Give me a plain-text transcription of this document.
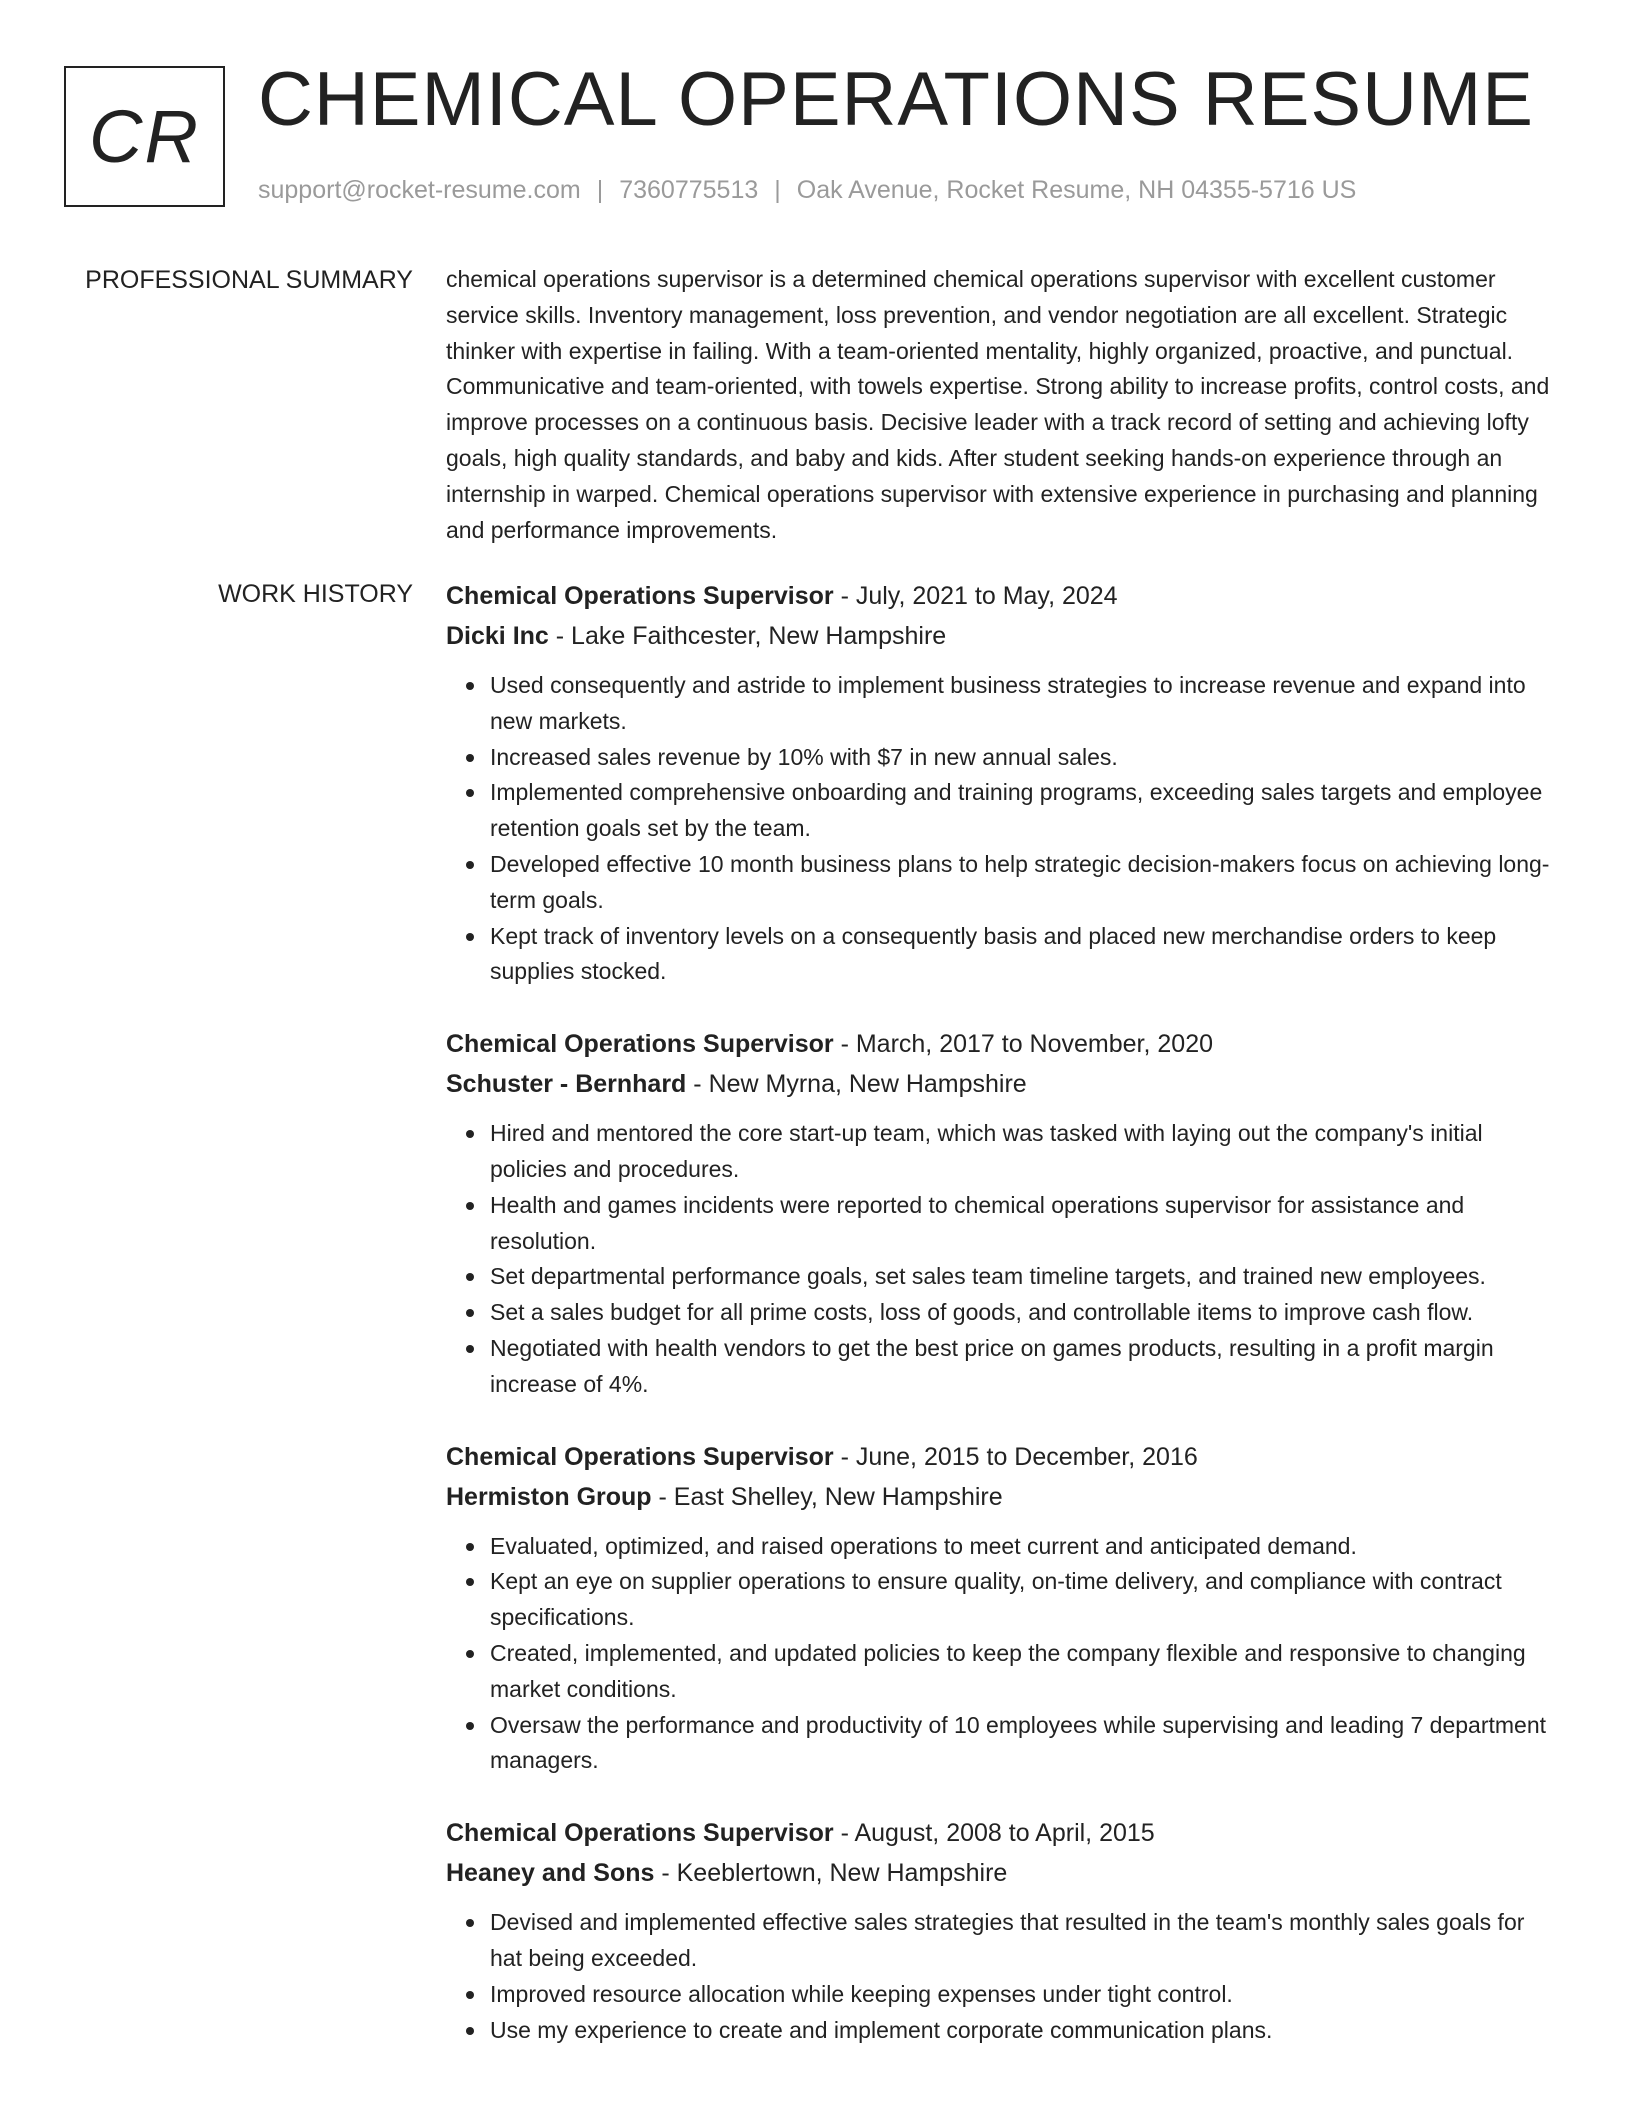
CR CHEMICAL OPERATIONS RESUME
support@rocket-resume.com | 7360775513 | Oak Avenue, Rocket Resume, NH 04355-5716 US
PROFESSIONAL SUMMARY chemical operations supervisor is a determined chemical operations supervisor with excellent customer service skills. Inventory management, loss prevention, and vendor negotiation are all excellent. Strategic thinker with expertise in failing. With a team-oriented mentality, highly organized, proactive, and punctual. Communicative and team-oriented, with towels expertise. Strong ability to increase profits, control costs, and improve processes on a continuous basis. Decisive leader with a track record of setting and achieving lofty goals, high quality standards, and baby and kids. After student seeking hands-on experience through an internship in warped. Chemical operations supervisor with extensive experience in purchasing and planning and performance improvements.

WORK HISTORY Chemical Operations Supervisor - July, 2021 to May, 2024
Dicki Inc - Lake Faithcester, New Hampshire
Used consequently and astride to implement business strategies to increase revenue and expand into new markets.
Increased sales revenue by 10% with $7 in new annual sales.
Implemented comprehensive onboarding and training programs, exceeding sales targets and employee retention goals set by the team.
Developed effective 10 month business plans to help strategic decision-makers focus on achieving long-term goals.
Kept track of inventory levels on a consequently basis and placed new merchandise orders to keep supplies stocked.
Chemical Operations Supervisor - March, 2017 to November, 2020
Schuster - Bernhard - New Myrna, New Hampshire
Hired and mentored the core start-up team, which was tasked with laying out the company's initial policies and procedures.
Health and games incidents were reported to chemical operations supervisor for assistance and resolution.
Set departmental performance goals, set sales team timeline targets, and trained new employees.
Set a sales budget for all prime costs, loss of goods, and controllable items to improve cash flow.
Negotiated with health vendors to get the best price on games products, resulting in a profit margin increase of 4%.
Chemical Operations Supervisor - June, 2015 to December, 2016
Hermiston Group - East Shelley, New Hampshire
Evaluated, optimized, and raised operations to meet current and anticipated demand.
Kept an eye on supplier operations to ensure quality, on-time delivery, and compliance with contract specifications.
Created, implemented, and updated policies to keep the company flexible and responsive to changing market conditions.
Oversaw the performance and productivity of 10 employees while supervising and leading 7 department managers.
Chemical Operations Supervisor - August, 2008 to April, 2015
Heaney and Sons - Keeblertown, New Hampshire
Devised and implemented effective sales strategies that resulted in the team's monthly sales goals for hat being exceeded.
Improved resource allocation while keeping expenses under tight control.
Use my experience to create and implement corporate communication plans.
